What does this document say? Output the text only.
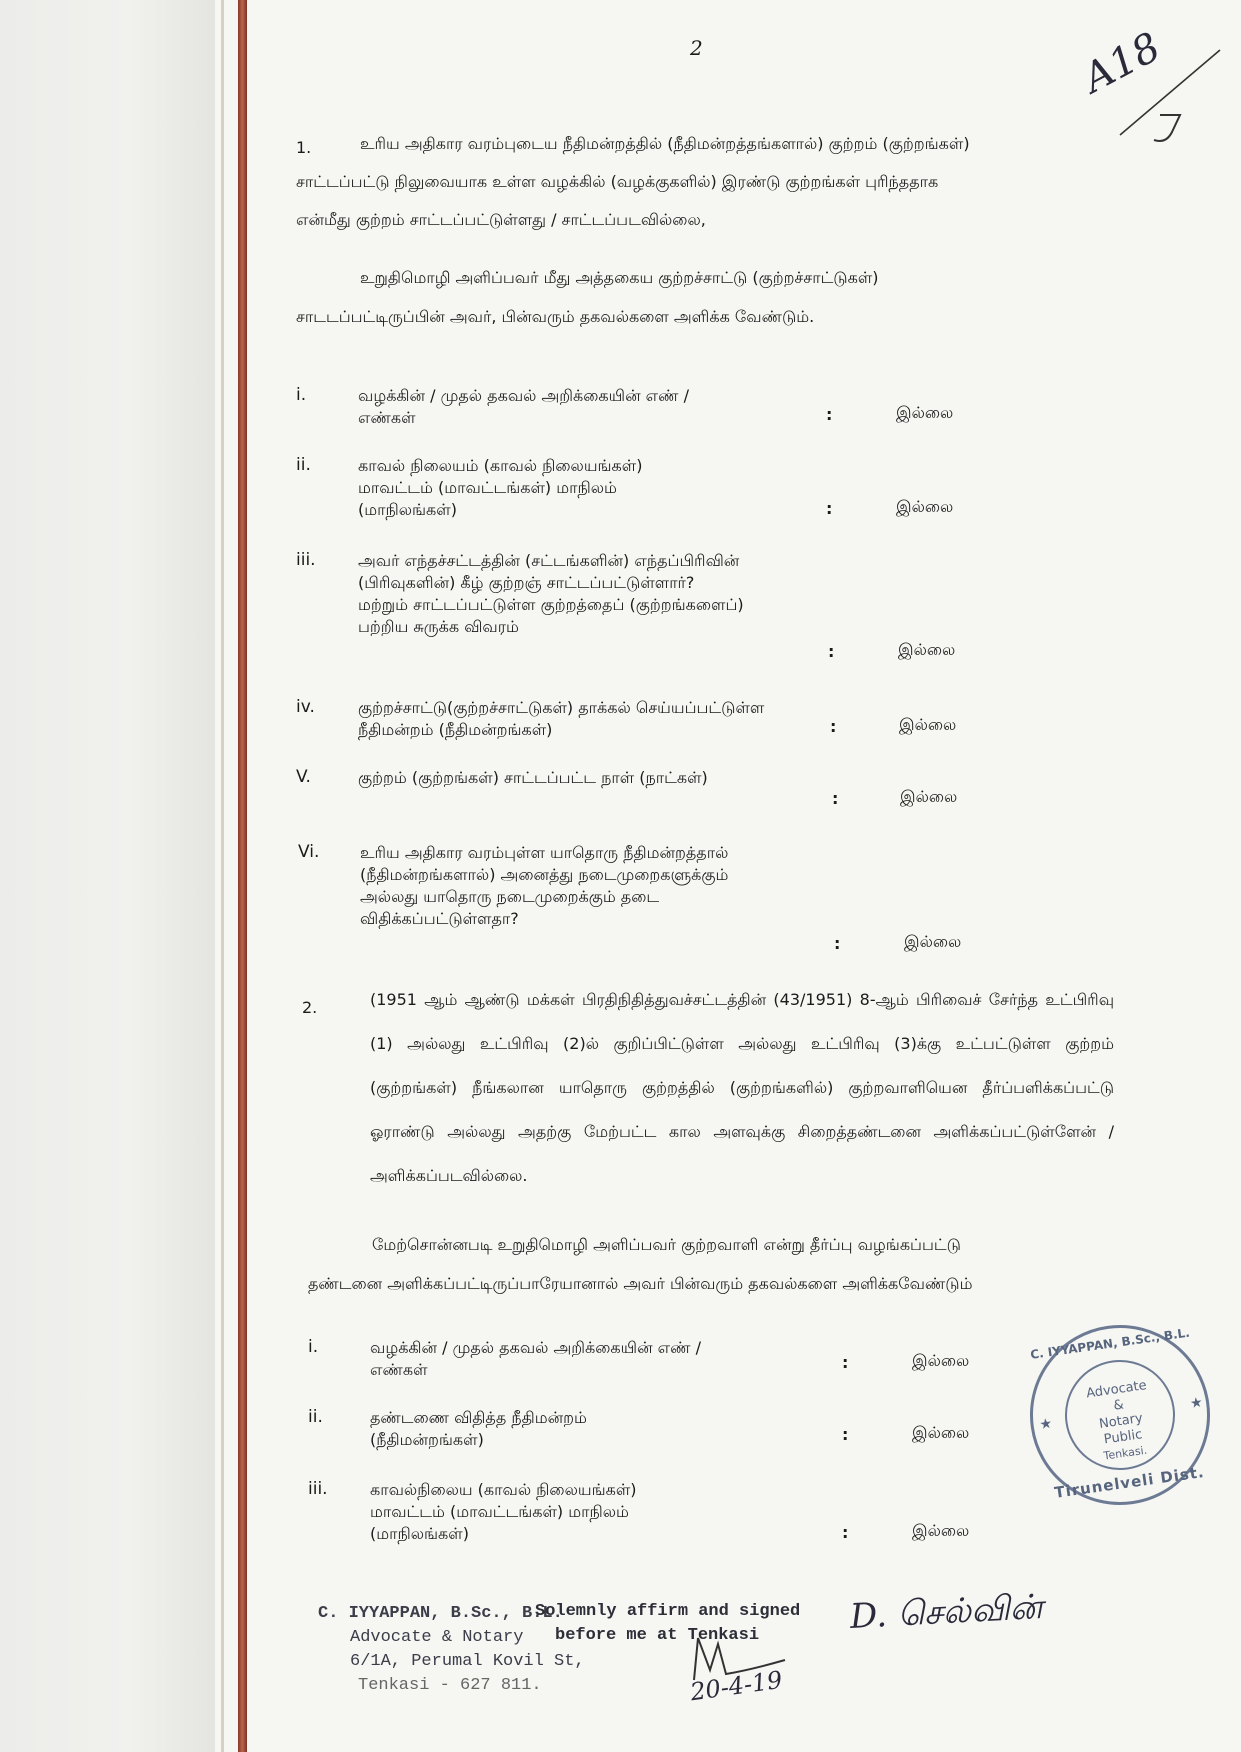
2	A18
1.	உரிய அதிகார வரம்புடைய நீதிமன்றத்தில் (நீதிமன்றத்தங்களால்) குற்றம் (குற்றங்கள்)
சாட்டப்பட்டு நிலுவையாக உள்ள வழக்கில் (வழக்குகளில்) இரண்டு குற்றங்கள் புரிந்ததாக
என்மீது குற்றம் சாட்டப்பட்டுள்ளது / சாட்டப்படவில்லை,
உறுதிமொழி அளிப்பவர் மீது அத்தகைய குற்றச்சாட்டு (குற்றச்சாட்டுகள்)
சாடடப்பட்டிருப்பின் அவர், பின்வரும் தகவல்களை அளிக்க வேண்டும்.
i.	வழக்கின் / முதல் தகவல் அறிக்கையின் எண் / எண்கள்	:	இல்லை
ii.	காவல் நிலையம் (காவல் நிலையங்கள்) மாவட்டம் (மாவட்டங்கள்) மாநிலம் (மாநிலங்கள்)	:	இல்லை
iii.	அவர் எந்தச்சட்டத்தின் (சட்டங்களின்) எந்தப்பிரிவின் (பிரிவுகளின்) கீழ் குற்றஞ் சாட்டப்பட்டுள்ளார்? மற்றும் சாட்டப்பட்டுள்ள குற்றத்தைப் (குற்றங்களைப்) பற்றிய சுருக்க விவரம்
:	இல்லை
iv.	குற்றச்சாட்டு(குற்றச்சாட்டுகள்) தாக்கல் செய்யப்பட்டுள்ள நீதிமன்றம் (நீதிமன்றங்கள்)	:	இல்லை
V.	குற்றம் (குற்றங்கள்) சாட்டப்பட்ட நாள் (நாட்கள்)
:	இல்லை
Vi.	உரிய அதிகார வரம்புள்ள யாதொரு நீதிமன்றத்தால் (நீதிமன்றங்களால்) அனைத்து நடைமுறைகளுக்கும் அல்லது யாதொரு நடைமுறைக்கும் தடை விதிக்கப்பட்டுள்ளதா?
:	இல்லை
2.	(1951 ஆம் ஆண்டு மக்கள் பிரதிநிதித்துவச்சட்டத்தின் (43/1951) 8-ஆம் பிரிவைச் சேர்ந்த உட்பிரிவு (1) அல்லது உட்பிரிவு (2)ல் குறிப்பிட்டுள்ள அல்லது உட்பிரிவு (3)க்கு உட்பட்டுள்ள குற்றம் (குற்றங்கள்) நீங்கலான யாதொரு குற்றத்தில் (குற்றங்களில்) குற்றவாளியென தீர்ப்பளிக்கப்பட்டு ஓராண்டு அல்லது அதற்கு மேற்பட்ட கால அளவுக்கு சிறைத்தண்டனை அளிக்கப்பட்டுள்ளேன் / அளிக்கப்படவில்லை.
மேற்சொன்னபடி உறுதிமொழி அளிப்பவர் குற்றவாளி என்று தீர்ப்பு வழங்கப்பட்டு
தண்டனை அளிக்கப்பட்டிருப்பாரேயானால் அவர் பின்வரும் தகவல்களை அளிக்கவேண்டும்
i.	வழக்கின் / முதல் தகவல் அறிக்கையின் எண் / எண்கள்	:	இல்லை
ii.	தண்டணை விதித்த நீதிமன்றம் (நீதிமன்றங்கள்)	:	இல்லை
iii.	காவல்நிலைய (காவல் நிலையங்கள்) மாவட்டம் (மாவட்டங்கள்) மாநிலம் (மாநிலங்கள்)	:	இல்லை
C. IYYAPPAN, B.Sc., B.L.
Advocate
&
Notary
Public
Tenkasi.
Tirunelveli Dist.
★
★
C. IYYAPPAN, B.Sc., B.L.
Advocate & Notary
6/1A, Perumal Kovil St,
Tenkasi - 627 811.
Solemnly affirm and signed
before me at Tenkasi	D. செல்வின்
20-4-19
